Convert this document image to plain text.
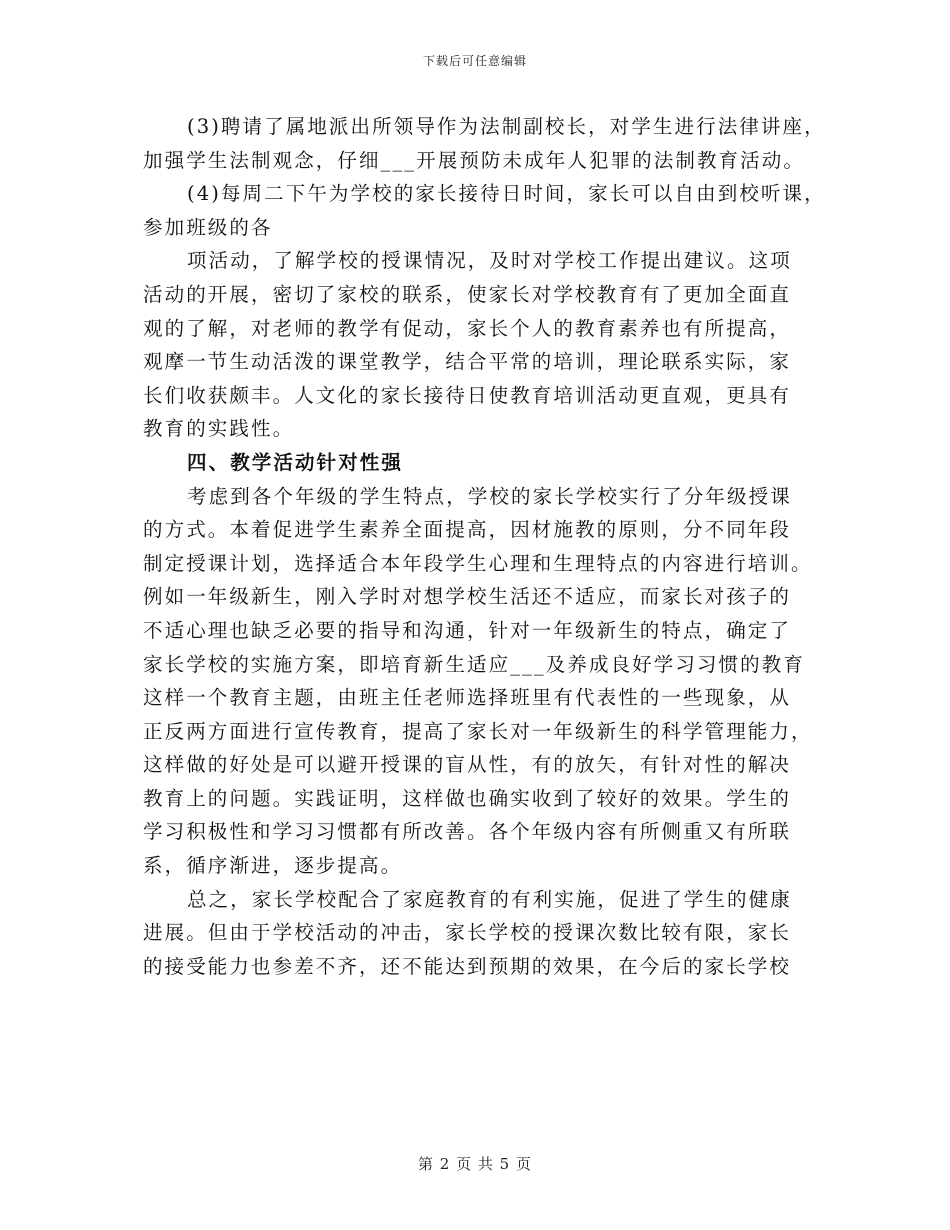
下载后可任意编辑
(3)聘请了属地派出所领导作为法制副校长，对学生进行法律讲座，
加强学生法制观念，仔细___开展预防未成年人犯罪的法制教育活动。
(4)每周二下午为学校的家长接待日时间，家长可以自由到校听课，
参加班级的各
项活动，了解学校的授课情况，及时对学校工作提出建议。这项
活动的开展，密切了家校的联系，使家长对学校教育有了更加全面直
观的了解，对老师的教学有促动，家长个人的教育素养也有所提高，
观摩一节生动活泼的课堂教学，结合平常的培训，理论联系实际，家
长们收获颇丰。人文化的家长接待日使教育培训活动更直观，更具有
教育的实践性。
四、教学活动针对性强
考虑到各个年级的学生特点，学校的家长学校实行了分年级授课
的方式。本着促进学生素养全面提高，因材施教的原则，分不同年段
制定授课计划，选择适合本年段学生心理和生理特点的内容进行培训。
例如一年级新生，刚入学时对想学校生活还不适应，而家长对孩子的
不适心理也缺乏必要的指导和沟通，针对一年级新生的特点，确定了
家长学校的实施方案，即培育新生适应___及养成良好学习习惯的教育
这样一个教育主题，由班主任老师选择班里有代表性的一些现象，从
正反两方面进行宣传教育，提高了家长对一年级新生的科学管理能力，
这样做的好处是可以避开授课的盲从性，有的放矢，有针对性的解决
教育上的问题。实践证明，这样做也确实收到了较好的效果。学生的
学习积极性和学习习惯都有所改善。各个年级内容有所侧重又有所联
系，循序渐进，逐步提高。
总之，家长学校配合了家庭教育的有利实施，促进了学生的健康
进展。但由于学校活动的冲击，家长学校的授课次数比较有限，家长
的接受能力也参差不齐，还不能达到预期的效果，在今后的家长学校
第 2 页 共 5 页
